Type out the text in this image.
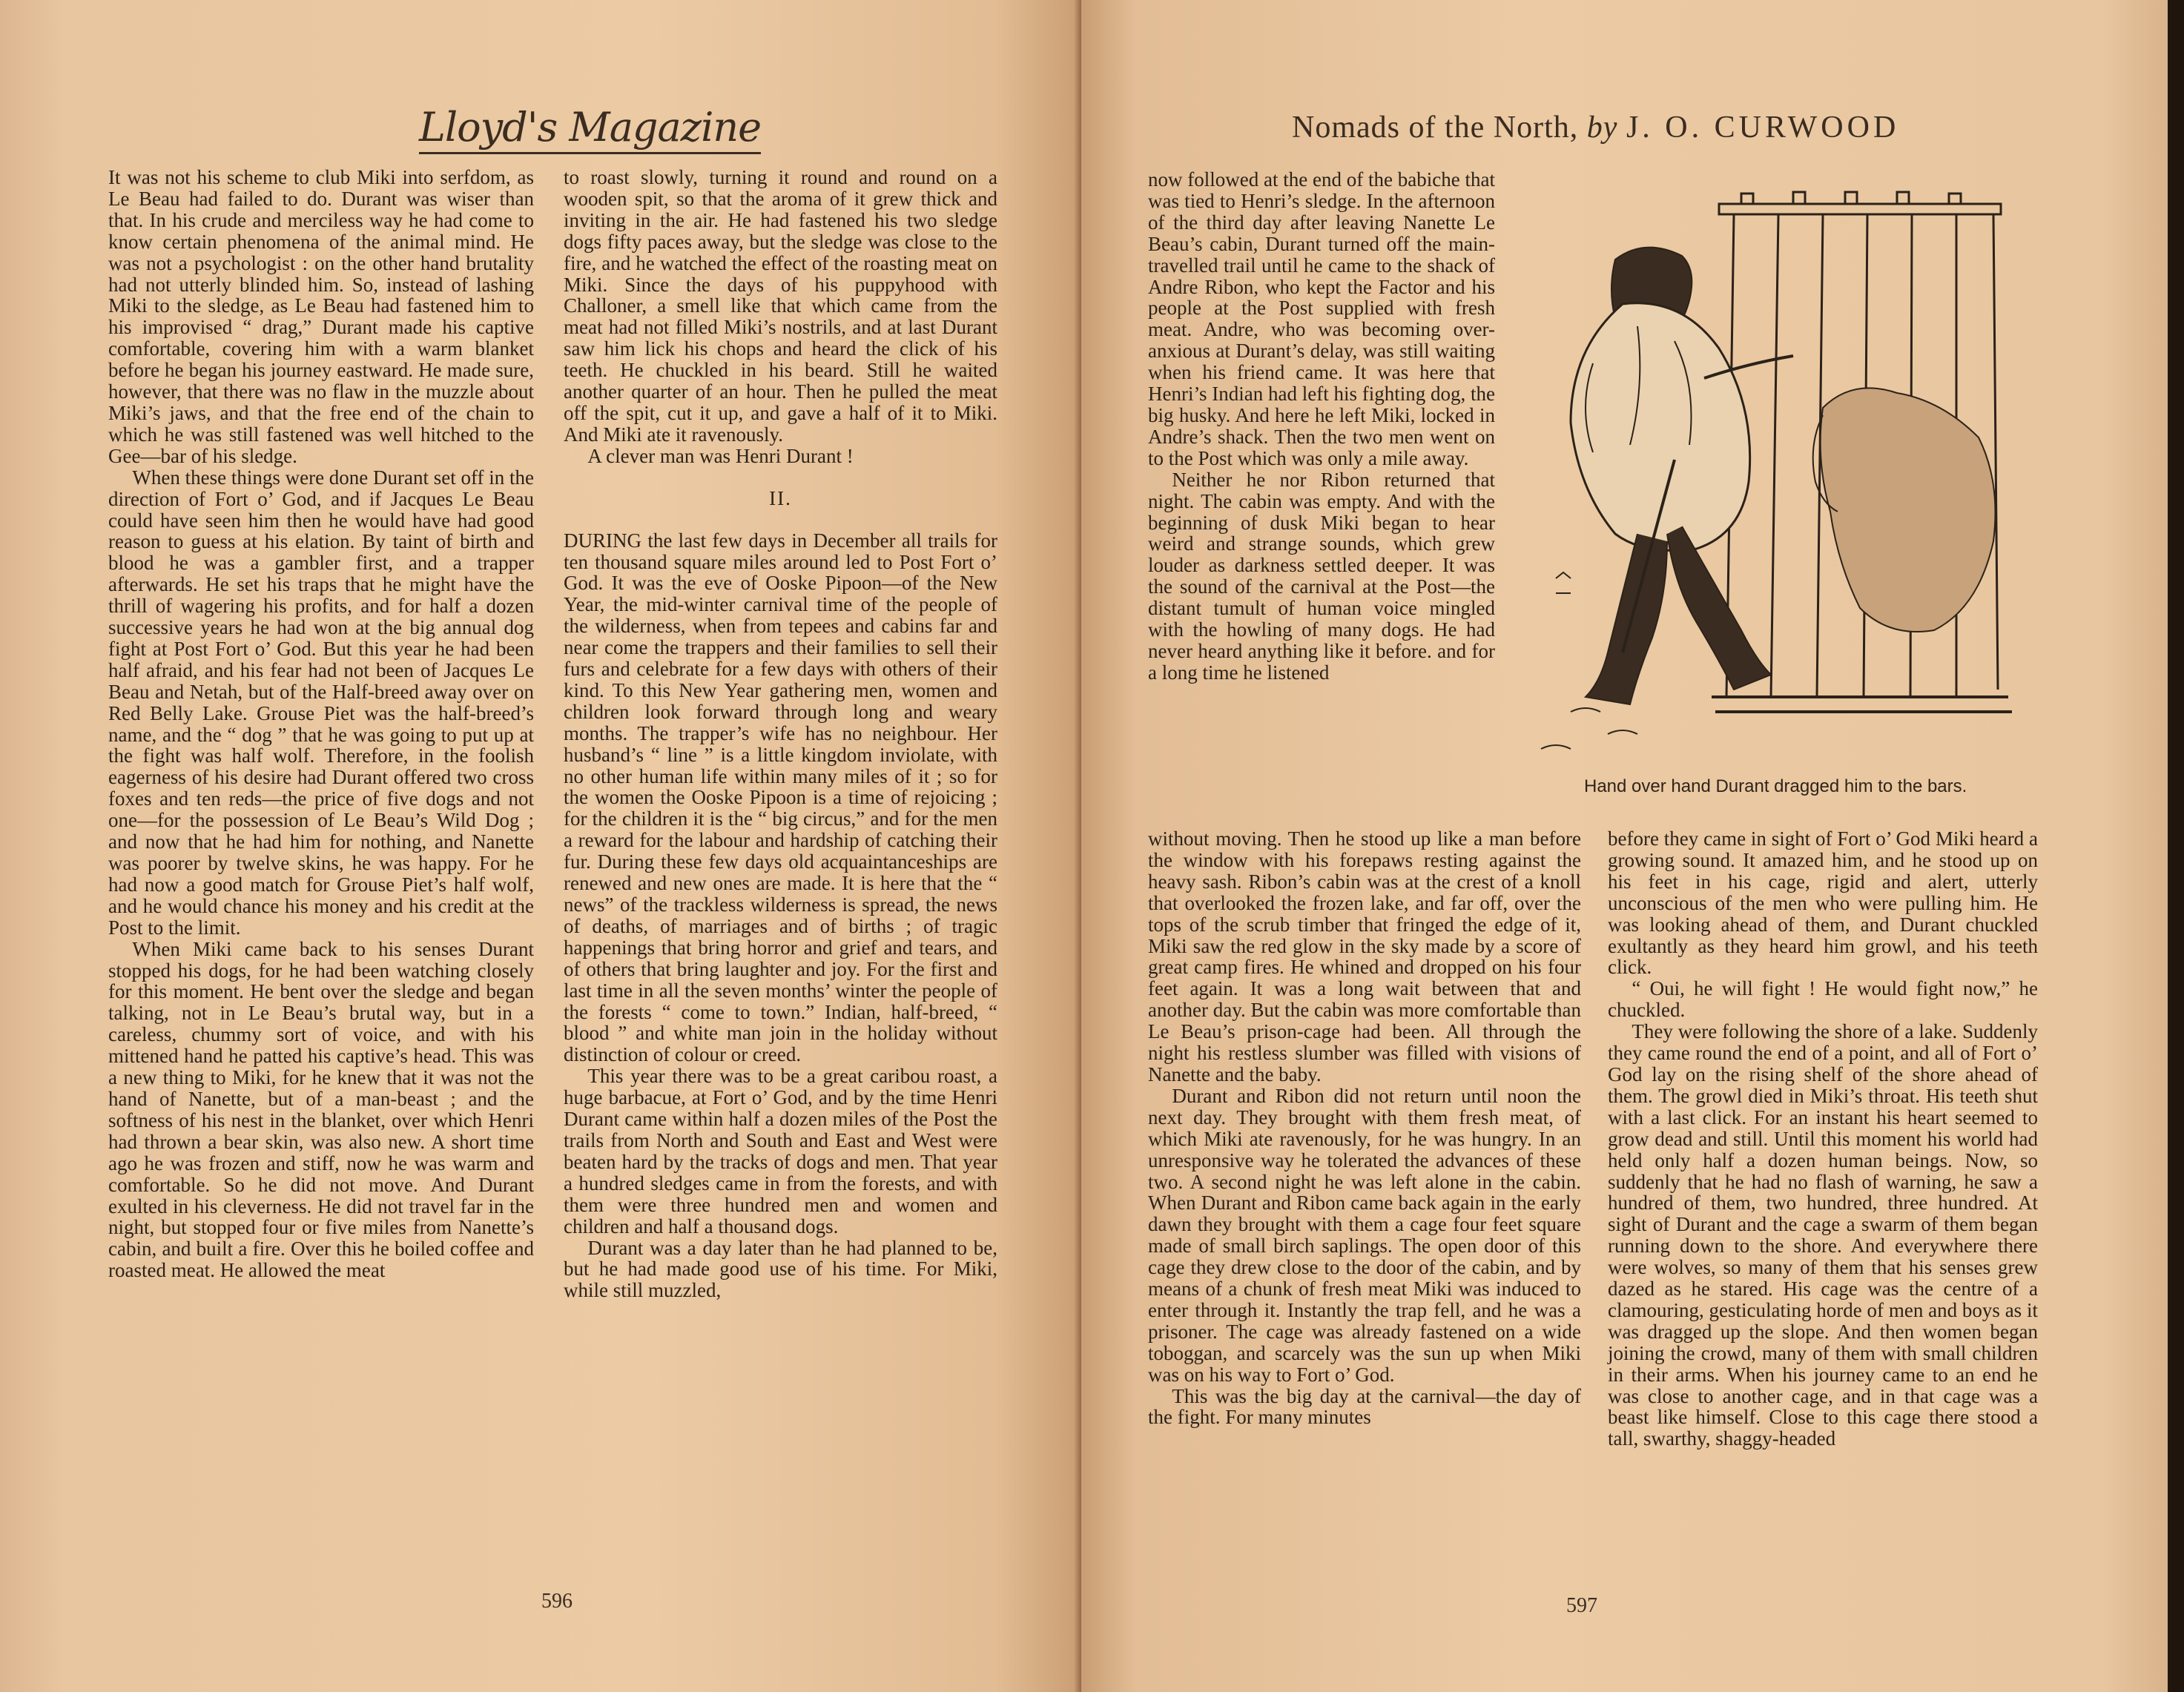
Lloyd's Magazine

It was not his scheme to club Miki into serfdom, as Le Beau had failed to do. Durant was wiser than that. In his crude and merciless way he had come to know certain phenomena of the animal mind. He was not a psychologist : on the other hand brutality had not utterly blinded him. So, instead of lashing Miki to the sledge, as Le Beau had fastened him to his improvised “ drag,” Durant made his captive comfortable, covering him with a warm blanket before he began his journey eastward. He made sure, however, that there was no flaw in the muzzle about Miki’s jaws, and that the free end of the chain to which he was still fastened was well hitched to the Gee—bar of his sledge.

When these things were done Durant set off in the direction of Fort o’ God, and if Jacques Le Beau could have seen him then he would have had good reason to guess at his elation. By taint of birth and blood he was a gambler first, and a trapper afterwards. He set his traps that he might have the thrill of wagering his profits, and for half a dozen successive years he had won at the big annual dog fight at Post Fort o’ God. But this year he had been half afraid, and his fear had not been of Jacques Le Beau and Netah, but of the Half-breed away over on Red Belly Lake. Grouse Piet was the half-breed’s name, and the “ dog ” that he was going to put up at the fight was half wolf. Therefore, in the foolish eagerness of his desire had Durant offered two cross foxes and ten reds—the price of five dogs and not one—for the possession of Le Beau’s Wild Dog ; and now that he had him for nothing, and Nanette was poorer by twelve skins, he was happy. For he had now a good match for Grouse Piet’s half wolf, and he would chance his money and his credit at the Post to the limit.

When Miki came back to his senses Durant stopped his dogs, for he had been watching closely for this moment. He bent over the sledge and began talking, not in Le Beau’s brutal way, but in a careless, chummy sort of voice, and with his mittened hand he patted his captive’s head. This was a new thing to Miki, for he knew that it was not the hand of Nanette, but of a man-beast ; and the softness of his nest in the blanket, over which Henri had thrown a bear skin, was also new. A short time ago he was frozen and stiff, now he was warm and comfortable. So he did not move. And Durant exulted in his cleverness. He did not travel far in the night, but stopped four or five miles from Nanette’s cabin, and built a fire. Over this he boiled coffee and roasted meat. He allowed the meat

to roast slowly, turning it round and round on a wooden spit, so that the aroma of it grew thick and inviting in the air. He had fastened his two sledge dogs fifty paces away, but the sledge was close to the fire, and he watched the effect of the roasting meat on Miki. Since the days of his puppyhood with Challoner, a smell like that which came from the meat had not filled Miki’s nostrils, and at last Durant saw him lick his chops and heard the click of his teeth. He chuckled in his beard. Still he waited another quarter of an hour. Then he pulled the meat off the spit, cut it up, and gave a half of it to Miki. And Miki ate it ravenously.

A clever man was Henri Durant !

II.

DURING the last few days in December all trails for ten thousand square miles around led to Post Fort o’ God. It was the eve of Ooske Pipoon—of the New Year, the mid-winter carnival time of the people of the wilderness, when from tepees and cabins far and near come the trappers and their families to sell their furs and celebrate for a few days with others of their kind. To this New Year gathering men, women and children look forward through long and weary months. The trapper’s wife has no neighbour. Her husband’s “ line ” is a little kingdom inviolate, with no other human life within many miles of it ; so for the women the Ooske Pipoon is a time of rejoicing ; for the children it is the “ big circus,” and for the men a reward for the labour and hardship of catching their fur. During these few days old acquaintanceships are renewed and new ones are made. It is here that the “ news” of the trackless wilderness is spread, the news of deaths, of marriages and of births ; of tragic happenings that bring horror and grief and tears, and of others that bring laughter and joy. For the first and last time in all the seven months’ winter the people of the forests “ come to town.” Indian, half-breed, “ blood ” and white man join in the holiday without distinction of colour or creed.

This year there was to be a great caribou roast, a huge barbacue, at Fort o’ God, and by the time Henri Durant came within half a dozen miles of the Post the trails from North and South and East and West were beaten hard by the tracks of dogs and men. That year a hundred sledges came in from the forests, and with them were three hundred men and women and children and half a thousand dogs.

Durant was a day later than he had planned to be, but he had made good use of his time. For Miki, while still muzzled,

596
Nomads of the North, by J. O. CURWOOD

now followed at the end of the babiche that was tied to Henri’s sledge. In the afternoon of the third day after leaving Nanette Le Beau’s cabin, Durant turned off the main-travelled trail until he came to the shack of Andre Ribon, who kept the Factor and his people at the Post supplied with fresh meat. Andre, who was becoming over-anxious at Durant’s delay, was still waiting when his friend came. It was here that Henri’s Indian had left his fighting dog, the big husky. And here he left Miki, locked in Andre’s shack. Then the two men went on to the Post which was only a mile away.

Neither he nor Ribon returned that night. The cabin was empty. And with the beginning of dusk Miki began to hear weird and strange sounds, which grew louder as darkness settled deeper. It was the sound of the carnival at the Post—the distant tumult of human voice mingled with the howling of many dogs. He had never heard anything like it before. and for a long time he listened

Hand over hand Durant dragged him to the bars.

without moving. Then he stood up like a man before the window with his forepaws resting against the heavy sash. Ribon’s cabin was at the crest of a knoll that overlooked the frozen lake, and far off, over the tops of the scrub timber that fringed the edge of it, Miki saw the red glow in the sky made by a score of great camp fires. He whined and dropped on his four feet again. It was a long wait between that and another day. But the cabin was more comfortable than Le Beau’s prison-cage had been. All through the night his restless slumber was filled with visions of Nanette and the baby.

Durant and Ribon did not return until noon the next day. They brought with them fresh meat, of which Miki ate ravenously, for he was hungry. In an unresponsive way he tolerated the advances of these two. A second night he was left alone in the cabin. When Durant and Ribon came back again in the early dawn they brought with them a cage four feet square made of small birch saplings. The open door of this cage they drew close to the door of the cabin, and by means of a chunk of fresh meat Miki was induced to enter through it. Instantly the trap fell, and he was a prisoner. The cage was already fastened on a wide toboggan, and scarcely was the sun up when Miki was on his way to Fort o’ God.

This was the big day at the carnival—the day of the fight. For many minutes

before they came in sight of Fort o’ God Miki heard a growing sound. It amazed him, and he stood up on his feet in his cage, rigid and alert, utterly unconscious of the men who were pulling him. He was looking ahead of them, and Durant chuckled exultantly as they heard him growl, and his teeth click.

“ Oui, he will fight ! He would fight now,” he chuckled.

They were following the shore of a lake. Suddenly they came round the end of a point, and all of Fort o’ God lay on the rising shelf of the shore ahead of them. The growl died in Miki’s throat. His teeth shut with a last click. For an instant his heart seemed to grow dead and still. Until this moment his world had held only half a dozen human beings. Now, so suddenly that he had no flash of warning, he saw a hundred of them, two hundred, three hundred. At sight of Durant and the cage a swarm of them began running down to the shore. And everywhere there were wolves, so many of them that his senses grew dazed as he stared. His cage was the centre of a clamouring, gesticulating horde of men and boys as it was dragged up the slope. And then women began joining the crowd, many of them with small children in their arms. When his journey came to an end he was close to another cage, and in that cage was a beast like himself. Close to this cage there stood a tall, swarthy, shaggy-headed

597
